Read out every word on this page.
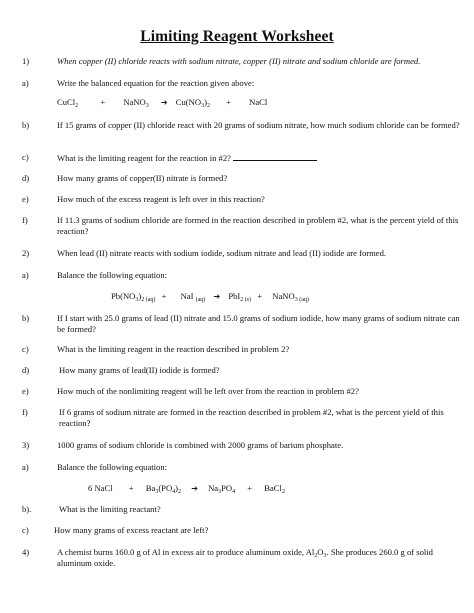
Limiting Reagent Worksheet
1)	When copper (II) chloride reacts with sodium nitrate, copper (II) nitrate and sodium chloride are formed.
a)	Write the balanced equation for the reaction given above:
CuCl$_2$	+ NaNO$_3$ ➔ $Cu(NO_3)_2$ + NaCl
b)	If 15 grams of copper (II) chloride react with 20 grams of sodium nitrate, how much sodium chloride can be formed?
c)	What is the limiting reagent for the reaction in #2?
d)	How many grams of copper(II) nitrate is formed?
e)	How much of the excess reagent is left over in this reaction?
f)	If 11.3 grams of sodium chloride are formed in the reaction described in problem #2, what is the percent yield of this reaction?
2)	When lead (II) nitrate reacts with sodium iodide, sodium nitrate and lead (II) iodide are formed.
a)	Balance the following equation:
$Pb(NO_3)_{2 (aq)}$ + NaI $_{(aq)}$ ➔ PbI$_{2 (s)}$ + NaNO$_{3 (aq)}$
b)	If I start with 25.0 grams of lead (II) nitrate and 15.0 grams of sodium iodide, how many grams of sodium nitrate can be formed?
c)	What is the limiting reagent in the reaction described in problem 2?
d)	How many grams of lead(II) iodide is formed?
e)	How much of the nonlimiting reagent will be left over from the reaction in problem #2?
f)	If 6 grams of sodium nitrate are formed in the reaction described in problem #2, what is the percent yield of this reaction?
3)	1000 grams of sodium chloride is combined with 2000 grams of barium phosphate.
a)	Balance the following equation:
6 NaCl + $Ba_3(PO_4)_2$ ➔ $Na_3PO_4$ + BaCl$_2$
b).	What is the limiting reactant?
c)	How many grams of excess reactant are left?
4)	A chemist burns 160.0 g of Al in excess air to produce aluminum oxide, $Al_2O_3$. She produces 260.0 g of solid aluminum oxide.
